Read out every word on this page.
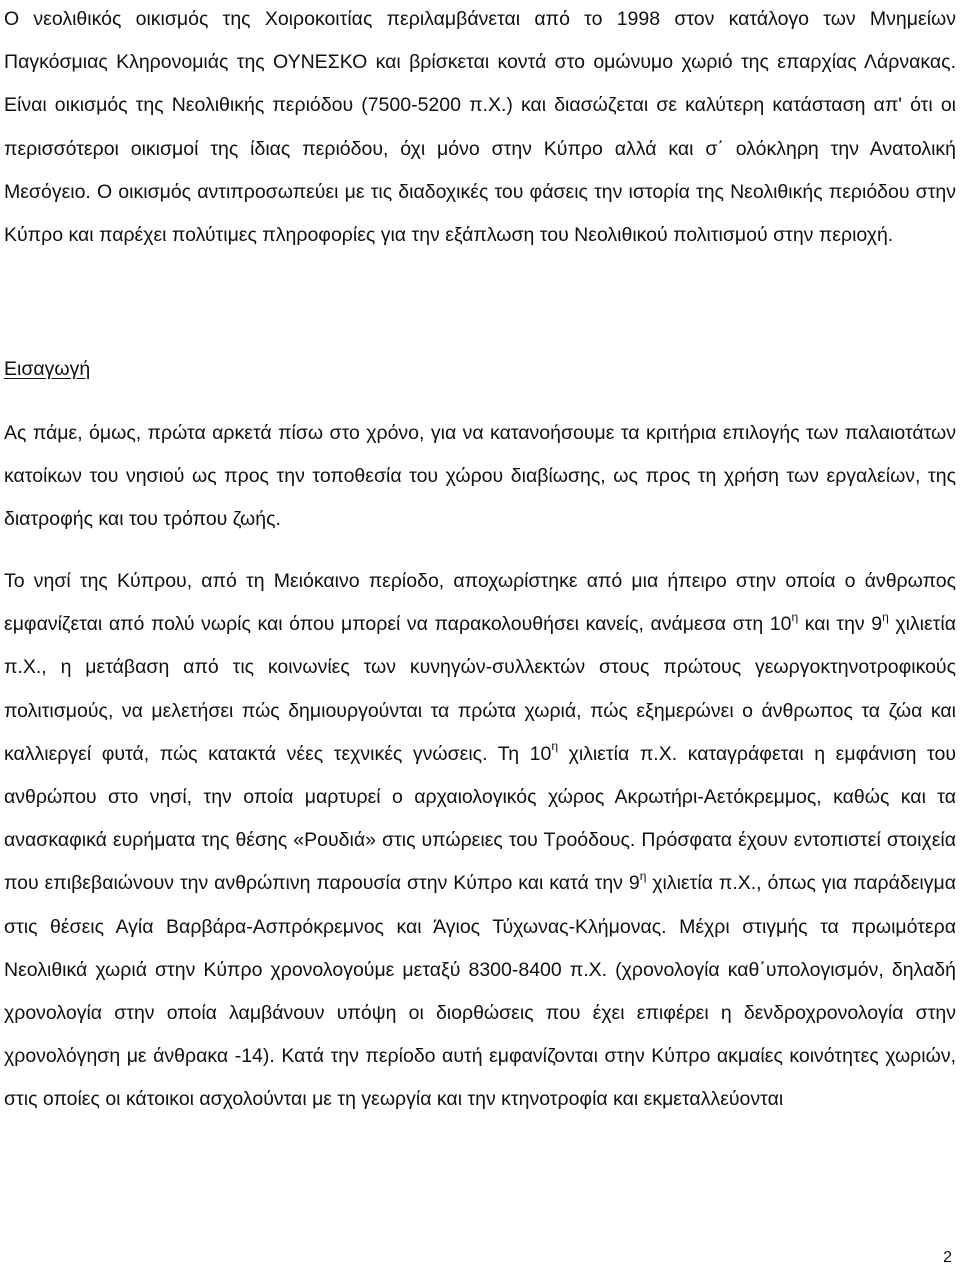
Ο νεολιθικός οικισμός της Χοιροκοιτίας περιλαμβάνεται από το 1998 στον κατάλογο των Μνημείων Παγκόσμιας Κληρονομιάς της ΟΥΝΕΣΚΟ και βρίσκεται κοντά στο ομώνυμο χωριό της επαρχίας Λάρνακας. Είναι οικισμός της Νεολιθικής περιόδου (7500-5200 π.Χ.) και διασώζεται σε καλύτερη κατάσταση απ' ότι οι περισσότεροι οικισμοί της ίδιας περιόδου, όχι μόνο στην Κύπρο αλλά και σ΄ ολόκληρη την Ανατολική Μεσόγειο. Ο οικισμός αντιπροσωπεύει με τις διαδοχικές του φάσεις την ιστορία της Νεολιθικής περιόδου στην Κύπρο και παρέχει πολύτιμες πληροφορίες για την εξάπλωση του Νεολιθικού πολιτισμού στην περιοχή.

Εισαγωγή

Ας πάμε, όμως, πρώτα αρκετά πίσω στο χρόνο, για να κατανοήσουμε τα κριτήρια επιλογής των παλαιοτάτων κατοίκων του νησιού ως προς την τοποθεσία του χώρου διαβίωσης, ως προς τη χρήση των εργαλείων, της διατροφής και του τρόπου ζωής.

Το νησί της Κύπρου, από τη Μειόκαινο περίοδο, αποχωρίστηκε από μια ήπειρο στην οποία ο άνθρωπος εμφανίζεται από πολύ νωρίς και όπου μπορεί να παρακολουθήσει κανείς, ανάμεσα στη $10^\eta$ και την $9^\eta$ χιλιετία π.Χ., η μετάβαση από τις κοινωνίες των κυνηγών-συλλεκτών στους πρώτους γεωργοκτηνοτροφικούς πολιτισμούς, να μελετήσει πώς δημιουργούνται τα πρώτα χωριά, πώς εξημερώνει ο άνθρωπος τα ζώα και καλλιεργεί φυτά, πώς κατακτά νέες τεχνικές γνώσεις. Τη $10^\eta$ χιλιετία π.Χ. καταγράφεται η εμφάνιση του ανθρώπου στο νησί, την οποία μαρτυρεί ο αρχαιολογικός χώρος Ακρωτήρι-Αετόκρεμμος, καθώς και τα ανασκαφικά ευρήματα της θέσης «Ρουδιά» στις υπώρειες του Τροόδους. Πρόσφατα έχουν εντοπιστεί στοιχεία που επιβεβαιώνουν την ανθρώπινη παρουσία στην Κύπρο και κατά την $9^\eta$ χιλιετία π.Χ., όπως για παράδειγμα στις θέσεις Αγία Βαρβάρα-Ασπρόκρεμνος και Άγιος Τύχωνας-Κλήμονας. Μέχρι στιγμής τα πρωιμότερα Νεολιθικά χωριά στην Κύπρο χρονολογούμε μεταξύ 8300-8400 π.Χ. (χρονολογία καθ΄υπολογισμόν, δηλαδή χρονολογία στην οποία λαμβάνουν υπόψη οι διορθώσεις που έχει επιφέρει η δενδροχρονολογία στην χρονολόγηση με άνθρακα -14). Κατά την περίοδο αυτή εμφανίζονται στην Κύπρο ακμαίες κοινότητες χωριών, στις οποίες οι κάτοικοι ασχολούνται με τη γεωργία και την κτηνοτροφία και εκμεταλλεύονται

2
